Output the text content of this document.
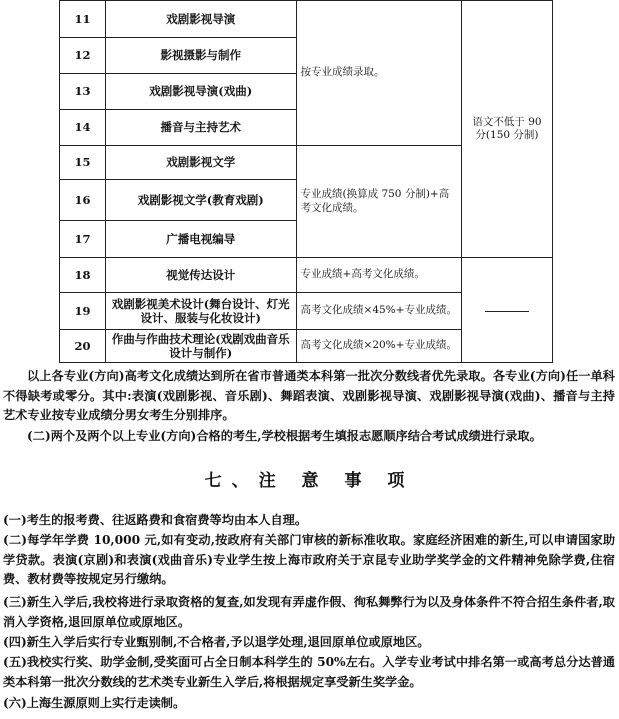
11	戏剧影视导演	按专业成绩录取。	语文不低于 90 分(150 分制)
12	影视摄影与制作		
13	戏剧影视导演(戏曲)		
14	播音与主持艺术		
15	戏剧影视文学	专业成绩(换算成 750 分制)+高考文化成绩。	
16	戏剧影视文学(教育戏剧)		
17	广播电视编导		
18	视觉传达设计	专业成绩+高考文化成绩。	
19	戏剧影视美术设计(舞台设计、灯光设计、服装与化妆设计)	高考文化成绩×45%+专业成绩。	
20	作曲与作曲技术理论(戏剧戏曲音乐设计与制作)	高考文化成绩×20%+专业成绩。	

以上各专业(方向)高考文化成绩达到所在省市普通类本科第一批次分数线者优先录取。各专业(方向)任一单科不得缺考或零分。其中:表演(戏剧影视、音乐剧)、舞蹈表演、戏剧影视导演、戏剧影视导演(戏曲)、播音与主持艺术专业按专业成绩分男女考生分别排序。

(二)两个及两个以上专业(方向)合格的考生,学校根据考生填报志愿顺序结合考试成绩进行录取。

七、注 意 事 项

(一)考生的报考费、往返路费和食宿费等均由本人自理。

(二)每学年学费 10,000 元,如有变动,按政府有关部门审核的新标准收取。家庭经济困难的新生,可以申请国家助学贷款。表演(京剧)和表演(戏曲音乐)专业学生按上海市政府关于京昆专业助学奖学金的文件精神免除学费,住宿费、教材费等按规定另行缴纳。

(三)新生入学后,我校将进行录取资格的复查,如发现有弄虚作假、徇私舞弊行为以及身体条件不符合招生条件者,取消入学资格,退回原单位或原地区。

(四)新生入学后实行专业甄别制,不合格者,予以退学处理,退回原单位或原地区。

(五)我校实行奖、助学金制,受奖面可占全日制本科学生的 50%左右。入学专业考试中排名第一或高考总分达普通类本科第一批次分数线的艺术类专业新生入学后,将根据规定享受新生奖学金。

(六)上海生源原则上实行走读制。
